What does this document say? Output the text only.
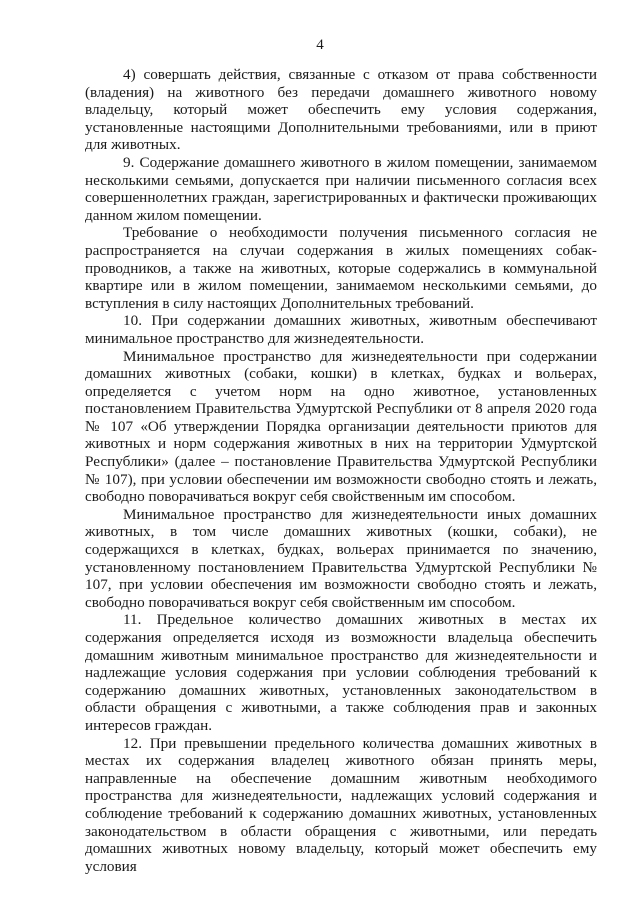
4

4) совершать действия, связанные с отказом от права собственности (владения) на животного без передачи домашнего животного новому владельцу, который может обеспечить ему условия содержания, установленные настоящими Дополнительными требованиями, или в приют для животных.

9. Содержание домашнего животного в жилом помещении, занимаемом несколькими семьями, допускается при наличии письменного согласия всех совершеннолетних граждан, зарегистрированных и фактически проживающих данном жилом помещении.

Требование о необходимости получения письменного согласия не распространяется на случаи содержания в жилых помещениях собак-проводников, а также на животных, которые содержались в коммунальной квартире или в жилом помещении, занимаемом несколькими семьями, до вступления в силу настоящих Дополнительных требований.

10. При содержании домашних животных, животным обеспечивают минимальное пространство для жизнедеятельности.

Минимальное пространство для жизнедеятельности при содержании домашних животных (собаки, кошки) в клетках, будках и вольерах, определяется с учетом норм на одно животное, установленных постановлением Правительства Удмуртской Республики от 8 апреля 2020 года № 107 «Об утверждении Порядка организации деятельности приютов для животных и норм содержания животных в них на территории Удмуртской Республики» (далее – постановление Правительства Удмуртской Республики № 107), при условии обеспечении им возможности свободно стоять и лежать, свободно поворачиваться вокруг себя свойственным им способом.

Минимальное пространство для жизнедеятельности иных домашних животных, в том числе домашних животных (кошки, собаки), не содержащихся в клетках, будках, вольерах принимается по значению, установленному постановлением Правительства Удмуртской Республики № 107, при условии обеспечения им возможности свободно стоять и лежать, свободно поворачиваться вокруг себя свойственным им способом.

11. Предельное количество домашних животных в местах их содержания определяется исходя из возможности владельца обеспечить домашним животным минимальное пространство для жизнедеятельности и надлежащие условия содержания при условии соблюдения требований к содержанию домашних животных, установленных законодательством в области обращения с животными, а также соблюдения прав и законных интересов граждан.

12. При превышении предельного количества домашних животных в местах их содержания владелец животного обязан принять меры, направленные на обеспечение домашним животным необходимого пространства для жизнедеятельности, надлежащих условий содержания и соблюдение требований к содержанию домашних животных, установленных законодательством в области обращения с животными, или передать домашних животных новому владельцу, который может обеспечить ему условия
